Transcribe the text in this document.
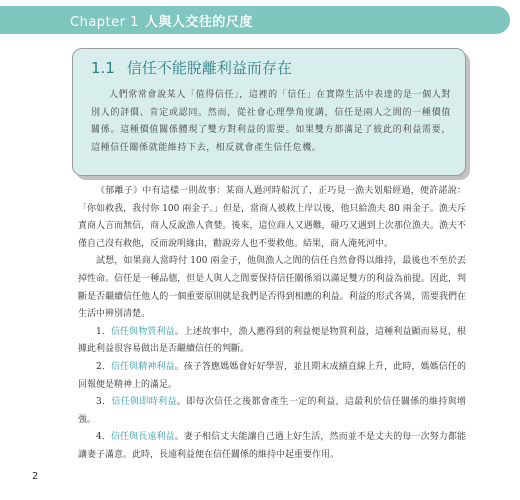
Chapter 1 人與人交往的尺度
1.1 信任不能脫離利益而存在
人們常常會說某人「值得信任」，這裡的「信任」在實際生活中表達的是一個人對別人的評價、肯定或認同。然而，從社會心理學角度講，信任是兩人之間的一種價值關係。這種價值關係體現了雙方對利益的需要。如果雙方都滿足了彼此的利益需要，這種信任關係就能維持下去，相反就會產生信任危機。

《郁離子》中有這樣一則故事：某商人過河時船沉了，正巧見一漁夫划船經過，便許諾說：「你如救我，我付你 100 兩金子。」但是，當商人被救上岸以後，他只給漁夫 80 兩金子。漁夫斥責商人言而無信，商人反說漁人貪婪。後來，這位商人又遇難，碰巧又遇到上次那位漁夫。漁夫不僅自己沒有救他，反而說明緣由，勸說旁人也不要救他。結果，商人淹死河中。

試想，如果商人當時付 100 兩金子，他與漁人之間的信任自然會得以維持，最後也不至於丟掉性命。信任是一種品德，但是人與人之間要保持信任關係須以滿足雙方的利益為前提。因此，判斷是否繼續信任他人的一個重要原則就是我們是否得到相應的利益。利益的形式各異，需要我們在生活中辨別清楚。

1．信任與物質利益。上述故事中，漁人應得到的利益便是物質利益，這種利益顯而易見，根據此利益很容易做出是否繼續信任的判斷。

2．信任與精神利益。孩子答應媽媽會好好學習，並且期末成績直線上升，此時，媽媽信任的回報便是精神上的滿足。

3．信任與即時利益。即每次信任之後都會產生一定的利益，這最利於信任關係的維持與增強。

4．信任與長遠利益。妻子相信丈夫能讓自己過上好生活，然而並不是丈夫的每一次努力都能讓妻子滿意。此時，長遠利益便在信任關係的維持中起重要作用。

2
